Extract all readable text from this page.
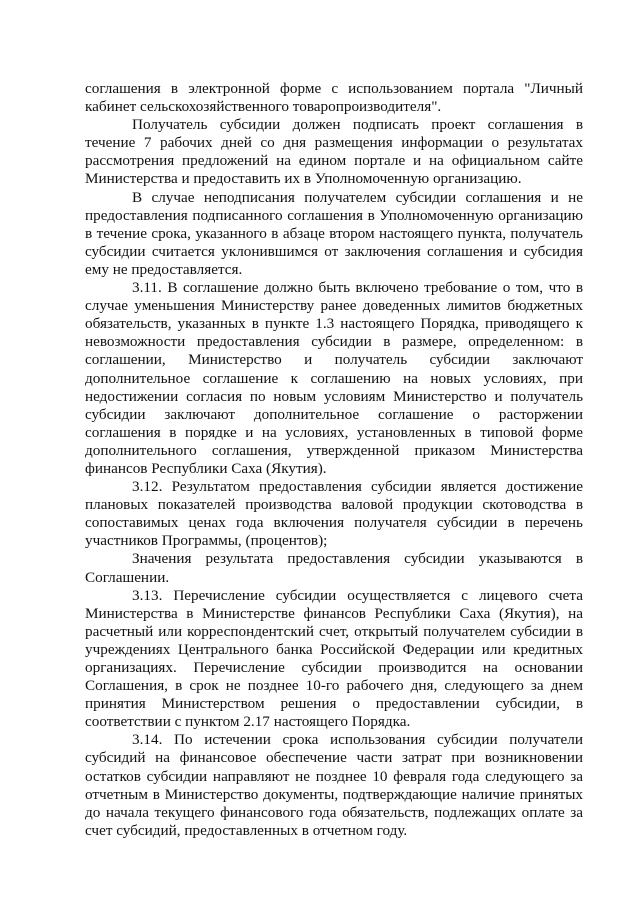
соглашения в электронной форме с использованием портала "Личный кабинет сельскохозяйственного товаропроизводителя".

Получатель субсидии должен подписать проект соглашения в течение 7 рабочих дней со дня размещения информации о результатах рассмотрения предложений на едином портале и на официальном сайте Министерства и предоставить их в Уполномоченную организацию.

В случае неподписания получателем субсидии соглашения и не предоставления подписанного соглашения в Уполномоченную организацию в течение срока, указанного в абзаце втором настоящего пункта, получатель субсидии считается уклонившимся от заключения соглашения и субсидия ему не предоставляется.

3.11. В соглашение должно быть включено требование о том, что в случае уменьшения Министерству ранее доведенных лимитов бюджетных обязательств, указанных в пункте 1.3 настоящего Порядка, приводящего к невозможности предоставления субсидии в размере, определенном: в соглашении, Министерство и получатель субсидии заключают дополнительное соглашение к соглашению на новых условиях, при недостижении согласия по новым условиям Министерство и получатель субсидии заключают дополнительное соглашение о расторжении соглашения в порядке и на условиях, установленных в типовой форме дополнительного соглашения, утвержденной приказом Министерства финансов Республики Саха (Якутия).

3.12. Результатом предоставления субсидии является достижение плановых показателей производства валовой продукции скотоводства в сопоставимых ценах года включения получателя субсидии в перечень участников Программы, (процентов);

Значения результата предоставления субсидии указываются в Соглашении.

3.13. Перечисление субсидии осуществляется с лицевого счета Министерства в Министерстве финансов Республики Саха (Якутия), на расчетный или корреспондентский счет, открытый получателем субсидии в учреждениях Центрального банка Российской Федерации или кредитных организациях. Перечисление субсидии производится на основании Соглашения, в срок не позднее 10-го рабочего дня, следующего за днем принятия Министерством решения о предоставлении субсидии, в соответствии с пунктом 2.17 настоящего Порядка.

3.14. По истечении срока использования субсидии получатели субсидий на финансовое обеспечение части затрат при возникновении остатков субсидии направляют не позднее 10 февраля года следующего за отчетным в Министерство документы, подтверждающие наличие принятых до начала текущего финансового года обязательств, подлежащих оплате за счет субсидий, предоставленных в отчетном году.
